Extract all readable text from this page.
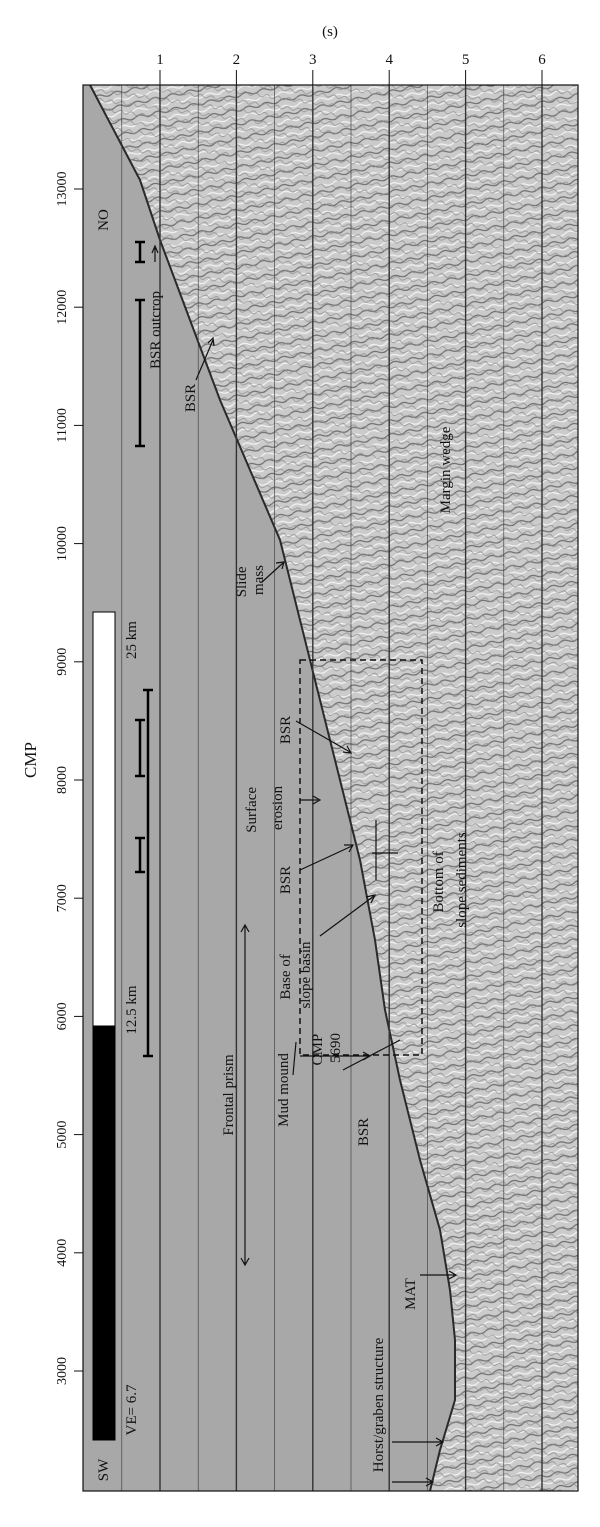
(s)
1	2	3	4	5	6
CMP
3000
4000
5000
6000
7000
8000
9000
10000
11000
12000
13000
SW
NO
VE= 6.7
12.5 km
25 km
BSR outcrop
BSR
Slide mass
Margin wedge
BSR
Surface erosion
BSR	Bottom of slope sediments
Base of slope basin
Mud mound
CMP 5690
BSR
Frontal prism
MAT
Horst/graben structure
